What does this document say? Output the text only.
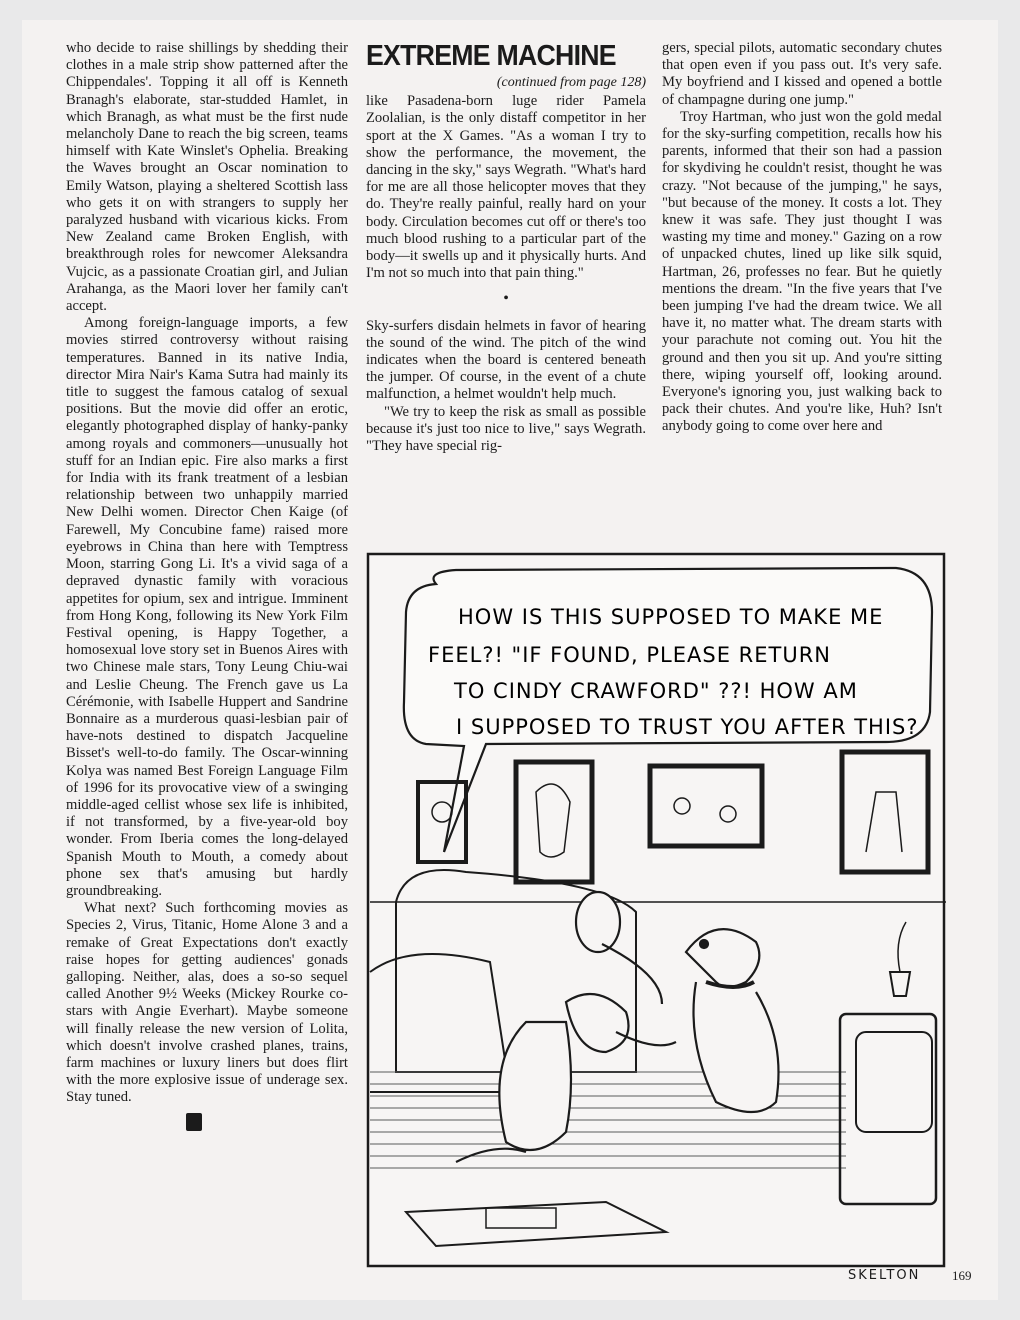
who decide to raise shillings by shedding their clothes in a male strip show patterned after the Chippendales'. Topping it all off is Kenneth Branagh's elaborate, star-studded Hamlet, in which Branagh, as what must be the first nude melancholy Dane to reach the big screen, teams himself with Kate Winslet's Ophelia. Breaking the Waves brought an Oscar nomination to Emily Watson, playing a sheltered Scottish lass who gets it on with strangers to supply her paralyzed husband with vicarious kicks. From New Zealand came Broken English, with breakthrough roles for newcomer Aleksandra Vujcic, as a passionate Croatian girl, and Julian Arahanga, as the Maori lover her family can't accept.

Among foreign-language imports, a few movies stirred controversy without raising temperatures. Banned in its native India, director Mira Nair's Kama Sutra had mainly its title to suggest the famous catalog of sexual positions. But the movie did offer an erotic, elegantly photographed display of hanky-panky among royals and commoners—unusually hot stuff for an Indian epic. Fire also marks a first for India with its frank treatment of a lesbian relationship between two unhappily married New Delhi women. Director Chen Kaige (of Farewell, My Concubine fame) raised more eyebrows in China than here with Temptress Moon, starring Gong Li. It's a vivid saga of a depraved dynastic family with voracious appetites for opium, sex and intrigue. Imminent from Hong Kong, following its New York Film Festival opening, is Happy Together, a homosexual love story set in Buenos Aires with two Chinese male stars, Tony Leung Chiu-wai and Leslie Cheung. The French gave us La Cérémonie, with Isabelle Huppert and Sandrine Bonnaire as a murderous quasi-lesbian pair of have-nots destined to dispatch Jacqueline Bisset's well-to-do family. The Oscar-winning Kolya was named Best Foreign Language Film of 1996 for its provocative view of a swinging middle-aged cellist whose sex life is inhibited, if not transformed, by a five-year-old boy wonder. From Iberia comes the long-delayed Spanish Mouth to Mouth, a comedy about phone sex that's amusing but hardly groundbreaking.

What next? Such forthcoming movies as Species 2, Virus, Titanic, Home Alone 3 and a remake of Great Expectations don't exactly raise hopes for getting audiences' gonads galloping. Neither, alas, does a so-so sequel called Another 9½ Weeks (Mickey Rourke co-stars with Angie Everhart). Maybe someone will finally release the new version of Lolita, which doesn't involve crashed planes, trains, farm machines or luxury liners but does flirt with the more explosive issue of underage sex. Stay tuned.

EXTREME MACHINE
(continued from page 128)

like Pasadena-born luge rider Pamela Zoolalian, is the only distaff competitor in her sport at the X Games. "As a woman I try to show the performance, the movement, the dancing in the sky," says Wegrath. "What's hard for me are all those helicopter moves that they do. They're really painful, really hard on your body. Circulation becomes cut off or there's too much blood rushing to a particular part of the body—it swells up and it physically hurts. And I'm not so much into that pain thing."

•

Sky-surfers disdain helmets in favor of hearing the sound of the wind. The pitch of the wind indicates when the board is centered beneath the jumper. Of course, in the event of a chute malfunction, a helmet wouldn't help much.

"We try to keep the risk as small as possible because it's just too nice to live," says Wegrath. "They have special rig-

gers, special pilots, automatic secondary chutes that open even if you pass out. It's very safe. My boyfriend and I kissed and opened a bottle of champagne during one jump."

Troy Hartman, who just won the gold medal for the sky-surfing competition, recalls how his parents, informed that their son had a passion for skydiving he couldn't resist, thought he was crazy. "Not because of the jumping," he says, "but because of the money. It costs a lot. They knew it was safe. They just thought I was wasting my time and money." Gazing on a row of unpacked chutes, lined up like silk squid, Hartman, 26, professes no fear. But he quietly mentions the dream. "In the five years that I've been jumping I've had the dream twice. We all have it, no matter what. The dream starts with your parachute not coming out. You hit the ground and then you sit up. And you're sitting there, wiping yourself off, looking around. Everyone's ignoring you, just walking back to pack their chutes. And you're like, Huh? Isn't anybody going to come over here and

HOW IS THIS SUPPOSED TO MAKE ME
FEEL?! "IF FOUND, PLEASE RETURN
TO CINDY CRAWFORD" ??! HOW AM
I SUPPOSED TO TRUST YOU AFTER THIS?
SKELTON 169
